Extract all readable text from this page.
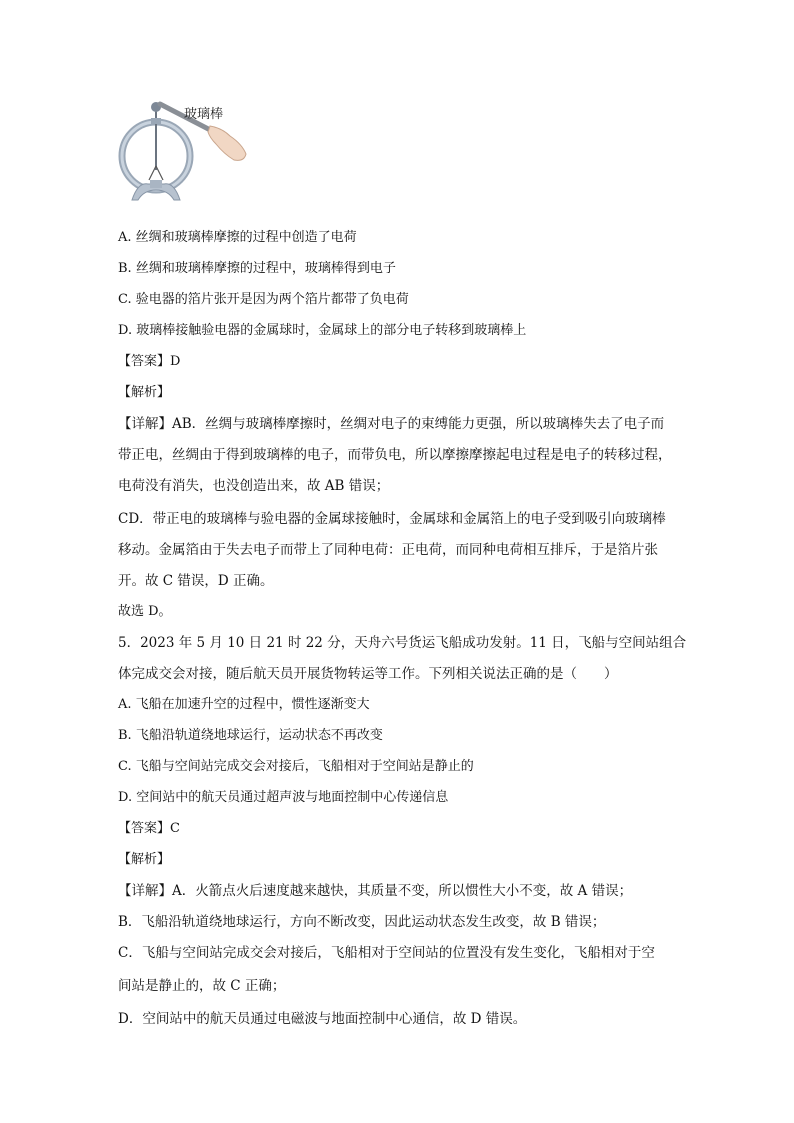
玻璃棒
A. 丝绸和玻璃棒摩擦的过程中创造了电荷
B. 丝绸和玻璃棒摩擦的过程中，玻璃棒得到电子
C. 验电器的箔片张开是因为两个箔片都带了负电荷
D. 玻璃棒接触验电器的金属球时，金属球上的部分电子转移到玻璃棒上
【答案】D
【解析】
【详解】AB．丝绸与玻璃棒摩擦时，丝绸对电子的束缚能力更强，所以玻璃棒失去了电子而
带正电，丝绸由于得到玻璃棒的电子，而带负电，所以摩擦摩擦起电过程是电子的转移过程，
电荷没有消失，也没创造出来，故 AB 错误；
CD．带正电的玻璃棒与验电器的金属球接触时，金属球和金属箔上的电子受到吸引向玻璃棒
移动。金属箔由于失去电子而带上了同种电荷：正电荷，而同种电荷相互排斥，于是箔片张
开。故 C 错误，D 正确。
故选 D。
5．2023 年 5 月 10 日 21 时 22 分，天舟六号货运飞船成功发射。11 日，飞船与空间站组合
体完成交会对接，随后航天员开展货物转运等工作。下列相关说法正确的是（　　）
A. 飞船在加速升空的过程中，惯性逐渐变大
B. 飞船沿轨道绕地球运行，运动状态不再改变
C. 飞船与空间站完成交会对接后，飞船相对于空间站是静止的
D. 空间站中的航天员通过超声波与地面控制中心传递信息
【答案】C
【解析】
【详解】A．火箭点火后速度越来越快，其质量不变，所以惯性大小不变，故 A 错误；
B．飞船沿轨道绕地球运行，方向不断改变，因此运动状态发生改变，故 B 错误；
C．飞船与空间站完成交会对接后，飞船相对于空间站的位置没有发生变化，飞船相对于空
间站是静止的，故 C 正确；
D．空间站中的航天员通过电磁波与地面控制中心通信，故 D 错误。
